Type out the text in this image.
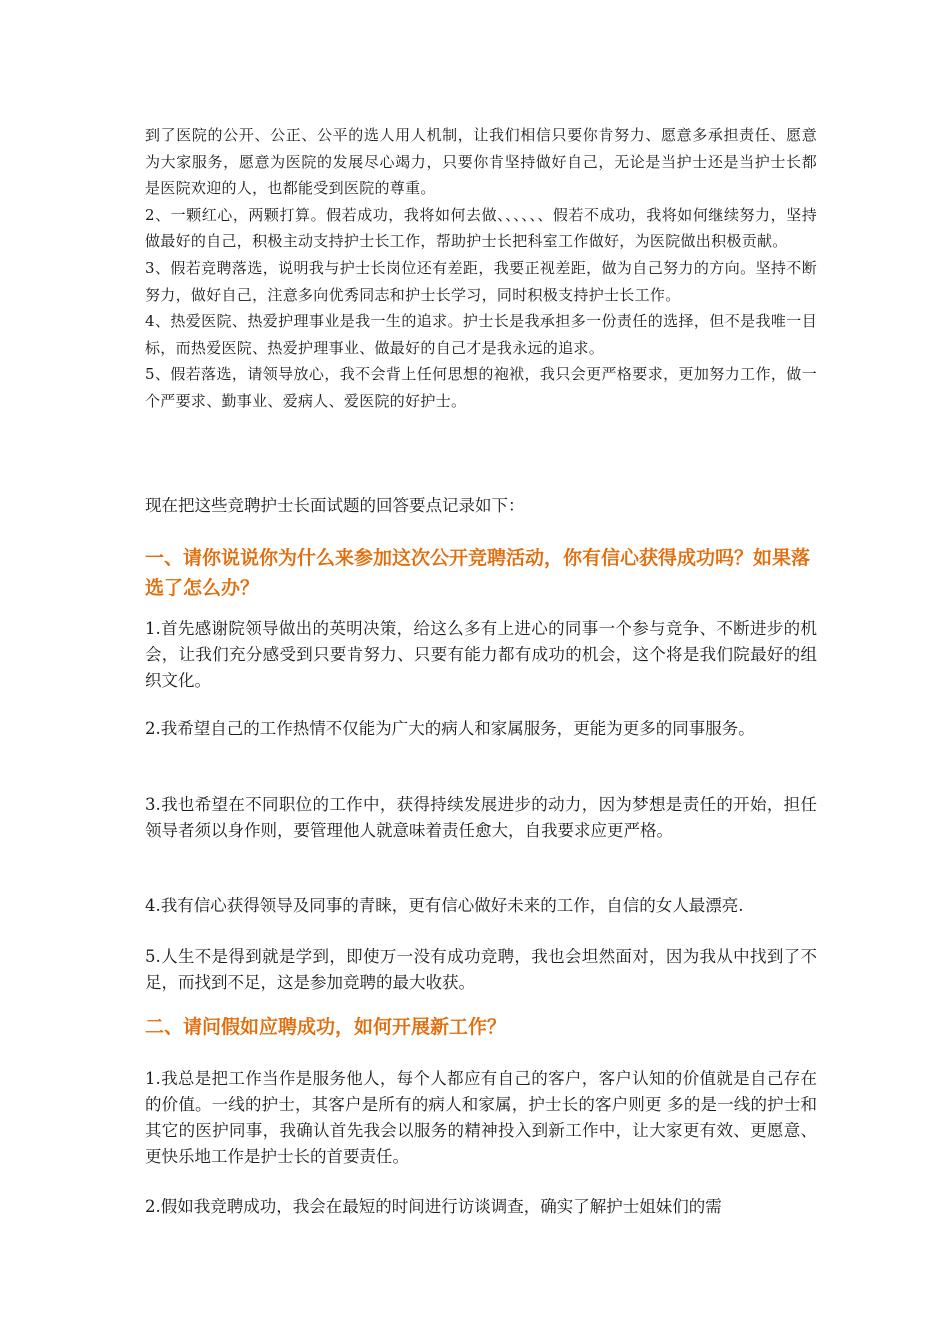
到了医院的公开、公正、公平的选人用人机制，让我们相信只要你肯努力、愿意多承担责任、愿意为大家服务，愿意为医院的发展尽心竭力，只要你肯坚持做好自己，无论是当护士还是当护士长都是医院欢迎的人，也都能受到医院的尊重。

2、一颗红心，两颗打算。假若成功，我将如何去做、、、、、、假若不成功，我将如何继续努力，坚持做最好的自己，积极主动支持护士长工作，帮助护士长把科室工作做好，为医院做出积极贡献。

3、假若竞聘落选，说明我与护士长岗位还有差距，我要正视差距，做为自己努力的方向。坚持不断努力，做好自己，注意多向优秀同志和护士长学习，同时积极支持护士长工作。

4、热爱医院、热爱护理事业是我一生的追求。护士长是我承担多一份责任的选择，但不是我唯一目标，而热爱医院、热爱护理事业、做最好的自己才是我永远的追求。

5、假若落选，请领导放心，我不会背上任何思想的袍袱，我只会更严格要求，更加努力工作，做一个严要求、勤事业、爱病人、爱医院的好护士。

现在把这些竞聘护士长面试题的回答要点记录如下：

一、请你说说你为什么来参加这次公开竞聘活动，你有信心获得成功吗？如果落选了怎么办？

1.首先感谢院领导做出的英明决策，给这么多有上进心的同事一个参与竞争、不断进步的机会，让我们充分感受到只要肯努力、只要有能力都有成功的机会，这个将是我们院最好的组织文化。

2.我希望自己的工作热情不仅能为广大的病人和家属服务，更能为更多的同事服务。

3.我也希望在不同职位的工作中，获得持续发展进步的动力，因为梦想是责任的开始，担任领导者须以身作则，要管理他人就意味着责任愈大，自我要求应更严格。

4.我有信心获得领导及同事的青睐，更有信心做好未来的工作，自信的女人最漂亮.

5.人生不是得到就是学到，即使万一没有成功竞聘，我也会坦然面对，因为我从中找到了不足，而找到不足，这是参加竞聘的最大收获。

二、请问假如应聘成功，如何开展新工作？

1.我总是把工作当作是服务他人，每个人都应有自己的客户，客户认知的价值就是自己存在的价值。一线的护士，其客户是所有的病人和家属，护士长的客户则更 多的是一线的护士和其它的医护同事，我确认首先我会以服务的精神投入到新工作中，让大家更有效、更愿意、更快乐地工作是护士长的首要责任。

2.假如我竞聘成功，我会在最短的时间进行访谈调查，确实了解护士姐妹们的需
